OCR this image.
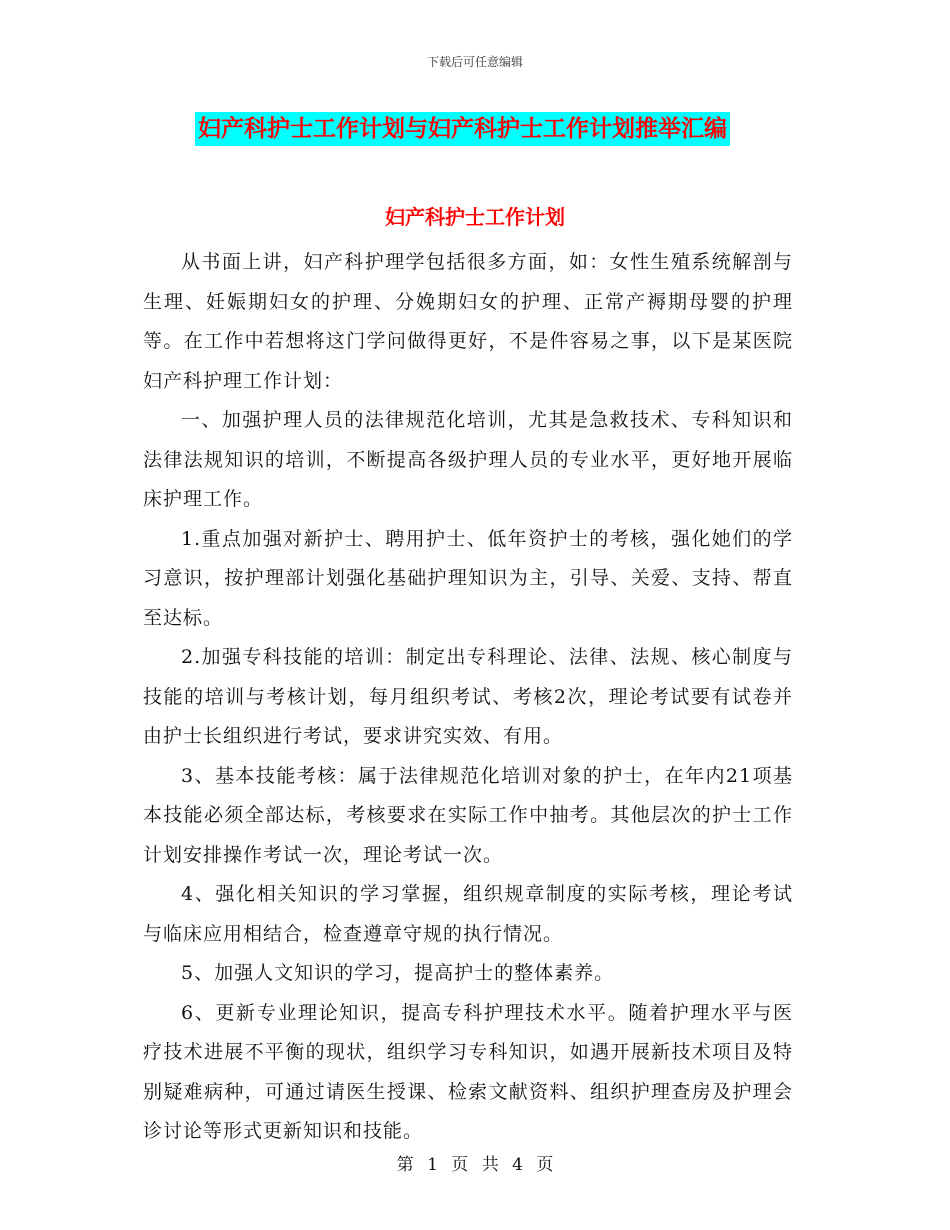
下载后可任意编辑
妇产科护士工作计划与妇产科护士工作计划推举汇编
妇产科护士工作计划

从书面上讲，妇产科护理学包括很多方面，如：女性生殖系统解剖与生理、妊娠期妇女的护理、分娩期妇女的护理、正常产褥期母婴的护理等。在工作中若想将这门学问做得更好，不是件容易之事，以下是某医院妇产科护理工作计划：

一、加强护理人员的法律规范化培训，尤其是急救技术、专科知识和法律法规知识的培训，不断提高各级护理人员的专业水平，更好地开展临床护理工作。

1.重点加强对新护士、聘用护士、低年资护士的考核，强化她们的学习意识，按护理部计划强化基础护理知识为主，引导、关爱、支持、帮直至达标。

2.加强专科技能的培训：制定出专科理论、法律、法规、核心制度与技能的培训与考核计划，每月组织考试、考核2次，理论考试要有试卷并由护士长组织进行考试，要求讲究实效、有用。

3、基本技能考核：属于法律规范化培训对象的护士，在年内21项基本技能必须全部达标，考核要求在实际工作中抽考。其他层次的护士工作计划安排操作考试一次，理论考试一次。

4、强化相关知识的学习掌握，组织规章制度的实际考核，理论考试与临床应用相结合，检查遵章守规的执行情况。

5、加强人文知识的学习，提高护士的整体素养。

6、更新专业理论知识，提高专科护理技术水平。随着护理水平与医疗技术进展不平衡的现状，组织学习专科知识，如遇开展新技术项目及特别疑难病种，可通过请医生授课、检索文献资料、组织护理查房及护理会诊讨论等形式更新知识和技能。

第 1 页 共 4 页
